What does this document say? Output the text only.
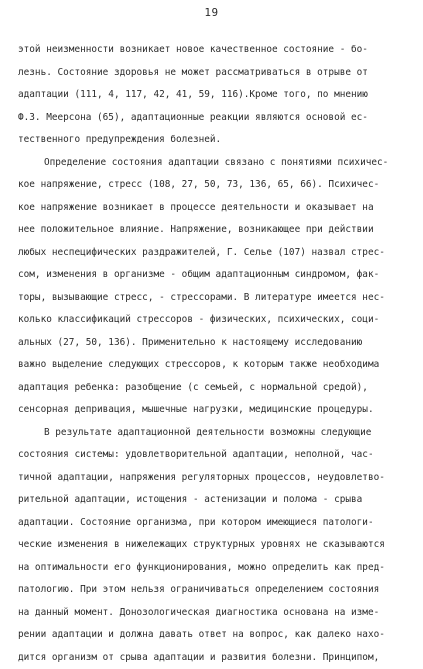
19
этой неизменности возникает новое качественное состояние - бо-
лезнь. Состояние здоровья не может рассматриваться в отрыве от
адаптации (111, 4, 117, 42, 41, 59, 116).Кроме того, по мнению
Ф.З. Меерсона (65), адаптационные реакции являются основой ес-
тественного предупреждения болезней.
Определение состояния адаптации связано с понятиями психичес-
кое напряжение, стресс (108, 27, 50, 73, 136, 65, 66). Психичес-
кое напряжение возникает в процессе деятельности и оказывает на
нее положительное влияние. Напряжение, возникающее при действии
любых неспецифических раздражителей, Г. Селье (107) назвал стрес-
сом, изменения в организме - общим адаптационным синдромом, фак-
торы, вызывающие стресс, - стрессорами. В литературе имеется нес-
колько классификаций стрессоров - физических, психических, соци-
альных (27, 50, 136). Применительно к настоящему исследованию
важно выделение следующих стрессоров, к которым также необходима
адаптация ребенка: разобщение (с семьей, с нормальной средой),
сенсорная депривация, мышечные нагрузки, медицинские процедуры.
В результате адаптационной деятельности возможны следующие
состояния системы: удовлетворительной адаптации, неполной, час-
тичной адаптации, напряжения регуляторных процессов, неудовлетво-
рительной адаптации, истощения - астенизации и полома - срыва
адаптации. Состояние организма, при котором имеющиеся патологи-
ческие изменения в нижележащих структурных уровнях не сказываются
на оптимальности его функционирования, можно определить как пред-
патологию. При этом нельзя ограничиваться определением состояния
на данный момент. Донозологическая диагностика основана на изме-
рении адаптации и должна давать ответ на вопрос, как далеко нахо-
дится организм от срыва адаптации и развития болезни. Принципом,
